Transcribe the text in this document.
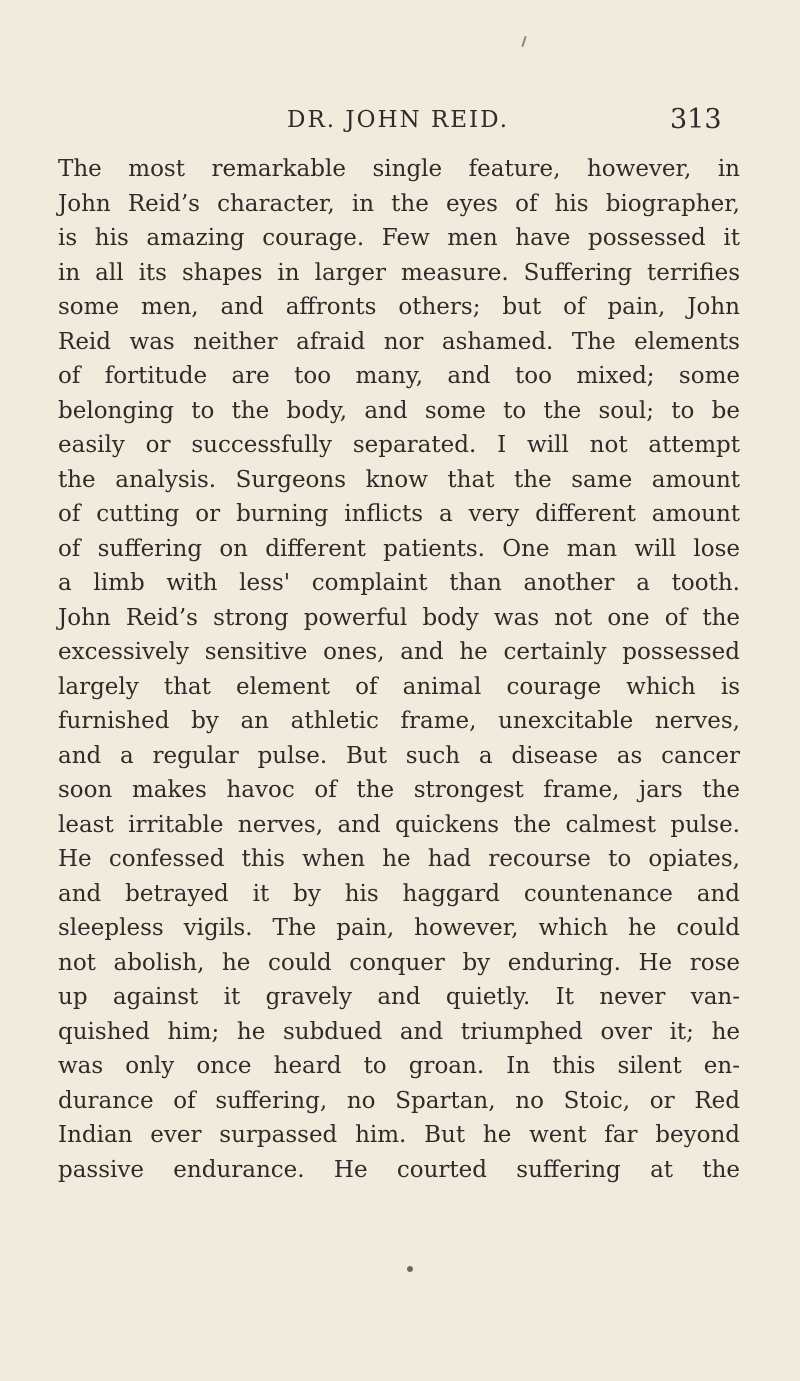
DR. JOHN REID.	313
The most remarkable single feature, however, in
John Reid’s character, in the eyes of his biographer,
is his amazing courage. Few men have possessed it
in all its shapes in larger measure. Suffering terrifies
some men, and affronts others; but of pain, John
Reid was neither afraid nor ashamed. The elements
of fortitude are too many, and too mixed; some
belonging to the body, and some to the soul; to be
easily or successfully separated. I will not attempt
the analysis. Surgeons know that the same amount
of cutting or burning inflicts a very different amount
of suffering on different patients. One man will lose
a limb with less' complaint than another a tooth.
John Reid’s strong powerful body was not one of the
excessively sensitive ones, and he certainly possessed
largely that element of animal courage which is
furnished by an athletic frame, unexcitable nerves,
and a regular pulse. But such a disease as cancer
soon makes havoc of the strongest frame, jars the
least irritable nerves, and quickens the calmest pulse.
He confessed this when he had recourse to opiates,
and betrayed it by his haggard countenance and
sleepless vigils. The pain, however, which he could
not abolish, he could conquer by enduring. He rose
up against it gravely and quietly. It never van-
quished him; he subdued and triumphed over it; he
was only once heard to groan. In this silent en-
durance of suffering, no Spartan, no Stoic, or Red
Indian ever surpassed him. But he went far beyond
passive endurance. He courted suffering at the
